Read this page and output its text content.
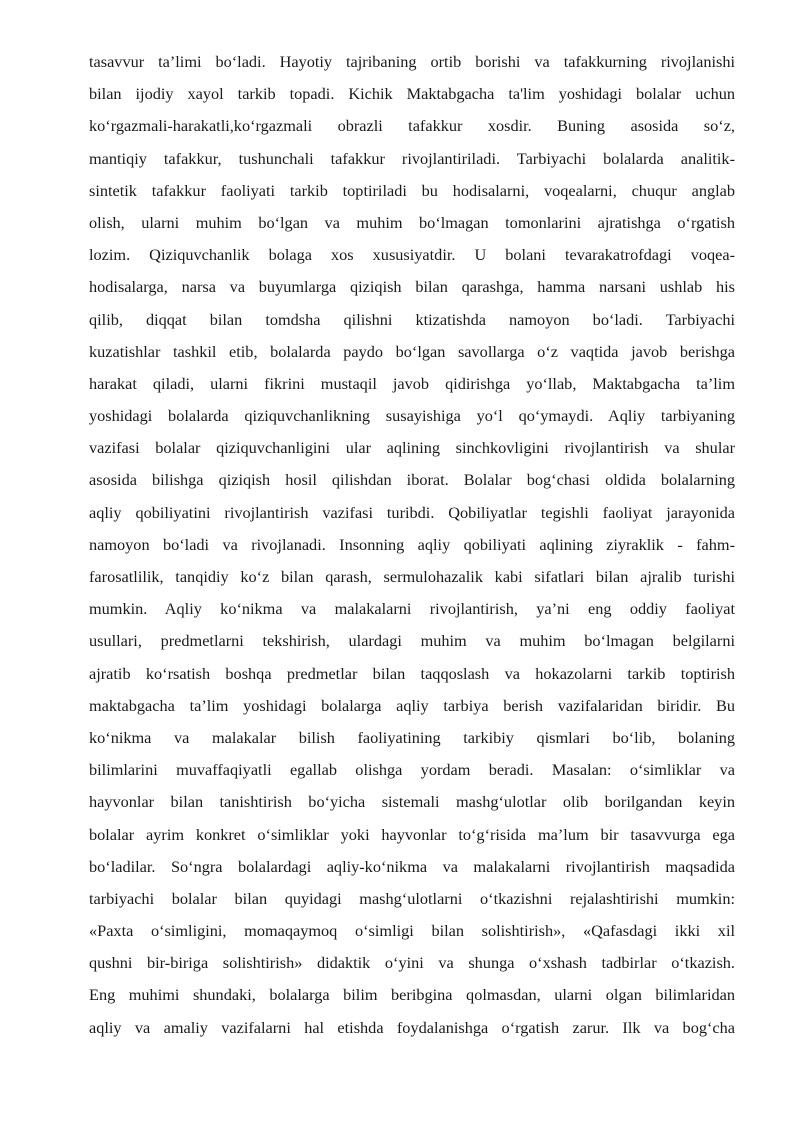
tasavvur ta’limi bo‘ladi. Hayotiy tajribaning ortib borishi va tafakkurning rivojlanishi
bilan ijodiy xayol tarkib topadi. Kichik Maktabgacha ta'lim yoshidagi bolalar uchun
ko‘rgazmali-harakatli,ko‘rgazmali obrazli tafakkur xosdir. Buning asosida so‘z,
mantiqiy tafakkur, tushunchali tafakkur rivojlantiriladi. Tarbiyachi bolalarda analitik-
sintetik tafakkur faoliyati tarkib toptiriladi bu hodisalarni, voqealarni, chuqur anglab
olish, ularni muhim bo‘lgan va muhim bo‘lmagan tomonlarini ajratishga o‘rgatish
lozim. Qiziquvchanlik bolaga xos xususiyatdir. U bolani tevarakatrofdagi voqea-
hodisalarga, narsa va buyumlarga qiziqish bilan qarashga, hamma narsani ushlab his
qilib, diqqat bilan tomdsha qilishni ktizatishda namoyon bo‘ladi. Tarbiyachi
kuzatishlar tashkil etib, bolalarda paydo bo‘lgan savollarga o‘z vaqtida javob berishga
harakat qiladi, ularni fikrini mustaqil javob qidirishga yo‘llab, Maktabgacha ta’lim
yoshidagi bolalarda qiziquvchanlikning susayishiga yo‘l qo‘ymaydi. Aqliy tarbiyaning
vazifasi bolalar qiziquvchanligini ular aqlining sinchkovligini rivojlantirish va shular
asosida bilishga qiziqish hosil qilishdan iborat. Bolalar bog‘chasi oldida bolalarning
aqliy qobiliyatini rivojlantirish vazifasi turibdi. Qobiliyatlar tegishli faoliyat jarayonida
namoyon bo‘ladi va rivojlanadi. Insonning aqliy qobiliyati aqlining ziyraklik - fahm-
farosatlilik, tanqidiy ko‘z bilan qarash, sermulohazalik kabi sifatlari bilan ajralib turishi
mumkin. Aqliy ko‘nikma va malakalarni rivojlantirish, ya’ni eng oddiy faoliyat
usullari, predmetlarni tekshirish, ulardagi muhim va muhim bo‘lmagan belgilarni
ajratib ko‘rsatish boshqa predmetlar bilan taqqoslash va hokazolarni tarkib toptirish
maktabgacha ta’lim yoshidagi bolalarga aqliy tarbiya berish vazifalaridan biridir. Bu
ko‘nikma va malakalar bilish faoliyatining tarkibiy qismlari bo‘lib, bolaning
bilimlarini muvaffaqiyatli egallab olishga yordam beradi. Masalan: o‘simliklar va
hayvonlar bilan tanishtirish bo‘yicha sistemali mashg‘ulotlar olib borilgandan keyin
bolalar ayrim konkret o‘simliklar yoki hayvonlar to‘g‘risida ma’lum bir tasavvurga ega
bo‘ladilar. So‘ngra bolalardagi aqliy-ko‘nikma va malakalarni rivojlantirish maqsadida
tarbiyachi bolalar bilan quyidagi mashg‘ulotlarni o‘tkazishni rejalashtirishi mumkin:
«Paxta o‘simligini, momaqaymoq o‘simligi bilan solishtirish», «Qafasdagi ikki xil
qushni bir-biriga solishtirish» didaktik o‘yini va shunga o‘xshash tadbirlar o‘tkazish.
Eng muhimi shundaki, bolalarga bilim beribgina qolmasdan, ularni olgan bilimlaridan
aqliy va amaliy vazifalarni hal etishda foydalanishga o‘rgatish zarur. Ilk va bog‘cha
